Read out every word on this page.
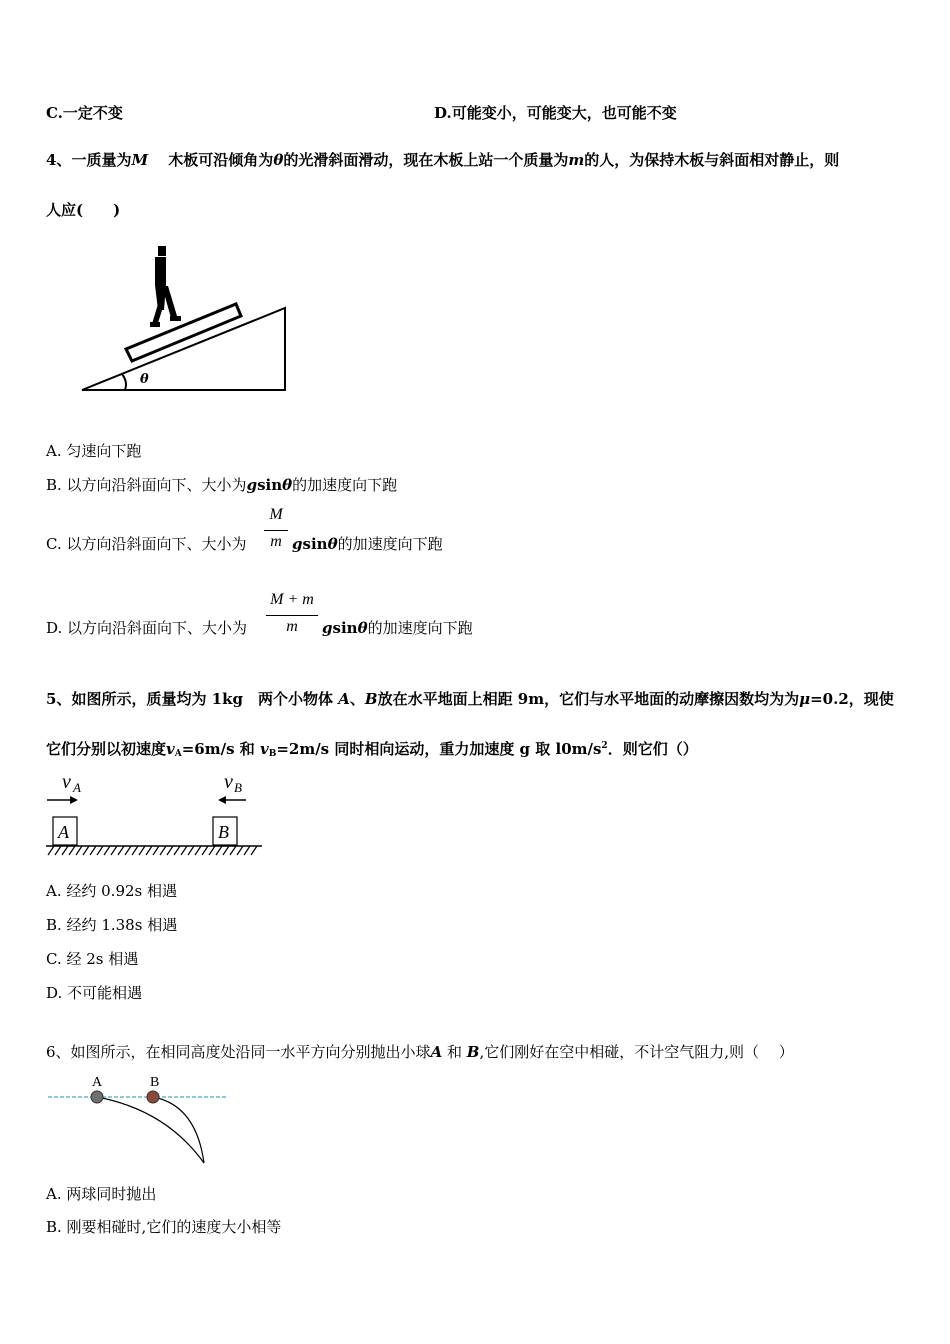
C.一定不变	D.可能变小，可能变大，也可能不变
4、一质量为M　 木板可沿倾角为θ的光滑斜面滑动，现在木板上站一个质量为m的人，为保持木板与斜面相对静止，则
人应(　　)
θ
A. 匀速向下跑
B. 以方向沿斜面向下、大小为gsinθ的加速度向下跑
C. 以方向沿斜面向下、大小为
M
m gsinθ的加速度向下跑
D. 以方向沿斜面向下、大小为
M + m
m	gsinθ的加速度向下跑
5、如图所示，质量均为 1kg　两个小物体 A、B放在水平地面上相距 9m，它们与水平地面的动摩擦因数均为为μ=0.2，现使
它们分别以初速度$v_A=6m/s$ 和 $v_B=2m/s$ 同时相向运动，重力加速度 g 取 $l0m/s^2$．则它们（）
v A	v B
A	B
A. 经约 0.92s 相遇
B. 经约 1.38s 相遇
C. 经 2s 相遇
D. 不可能相遇
6、如图所示，在相同高度处沿同一水平方向分别抛出小球A 和 B,它们刚好在空中相碰，不计空气阻力,则（　 ）
A	B
A. 两球同时抛出
B. 刚要相碰时,它们的速度大小相等
